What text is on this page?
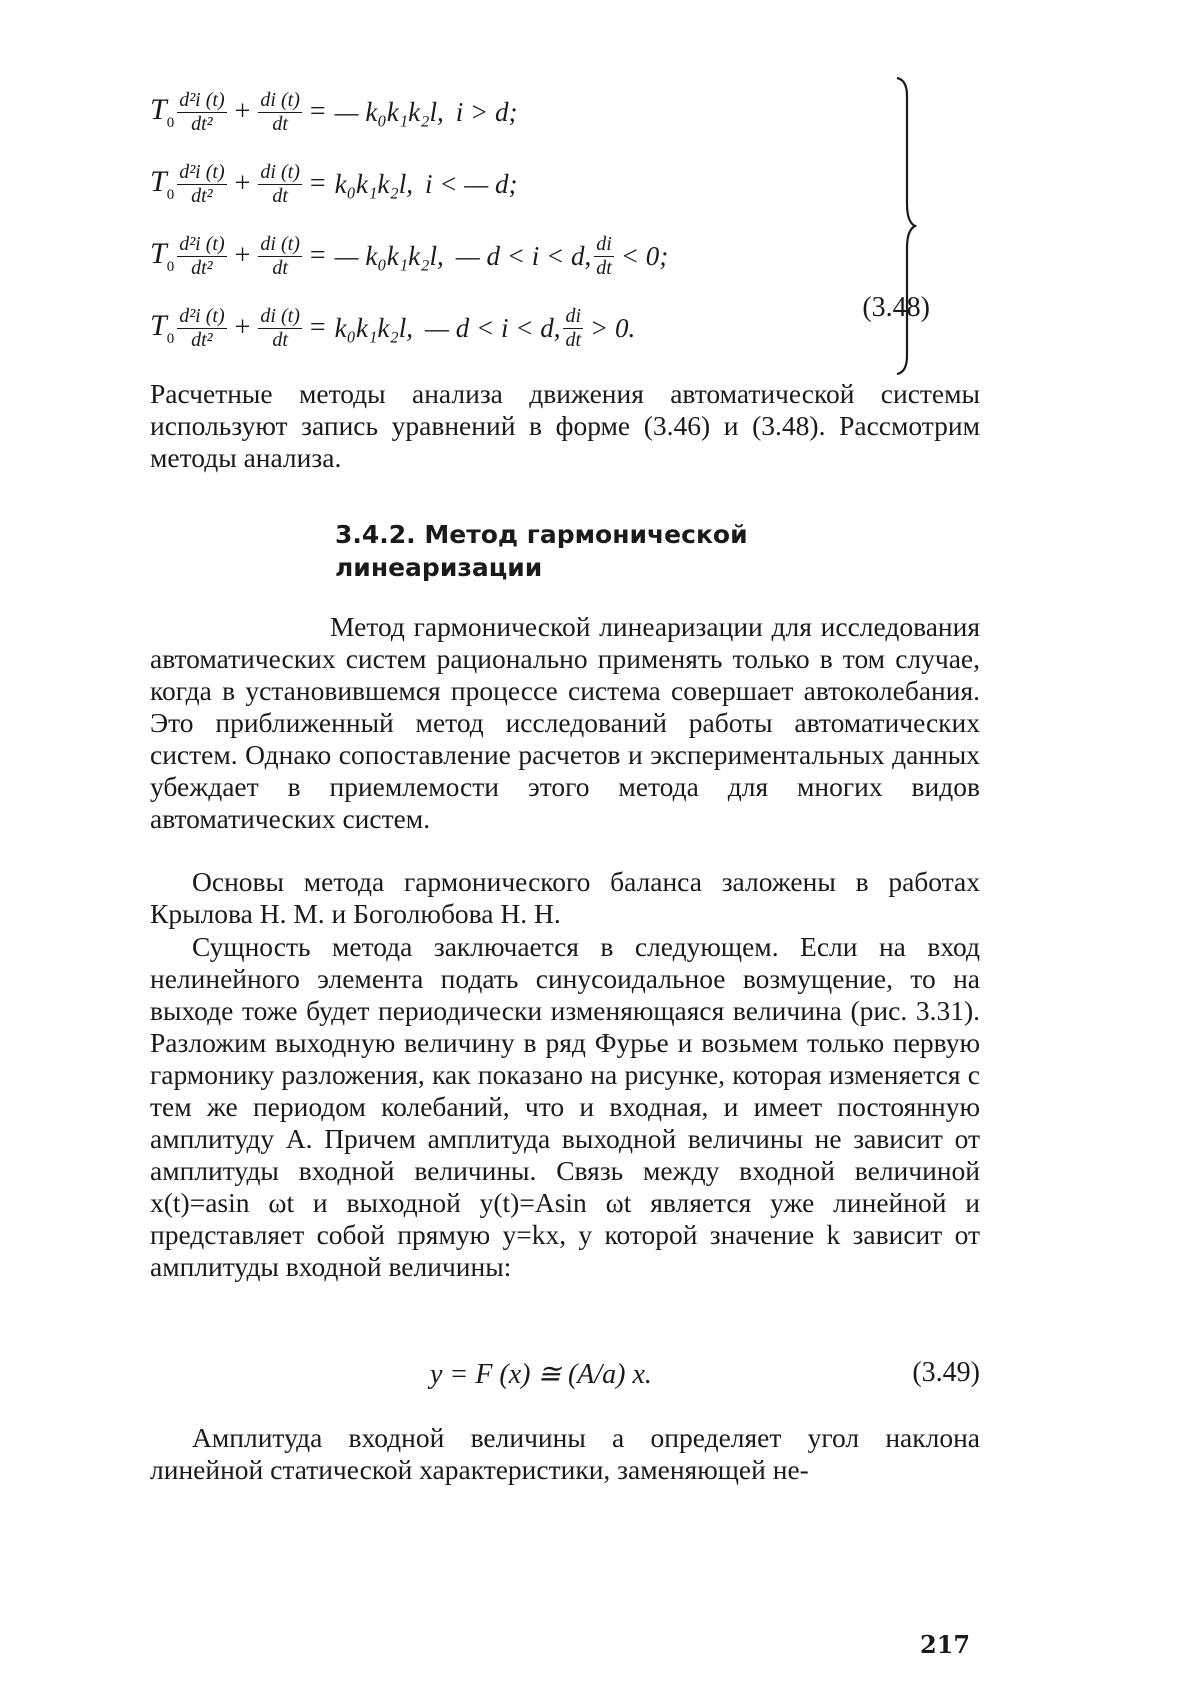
$T_0 \frac{\text{d²i (t)}}{\text{dt²}} + \frac{di (t)}{dt}$ = — k₀k₁k₂l, i > d;
$T_0 \frac{\text{d²i (t)}}{\text{dt²}} + \frac{di (t)}{dt} = k_0k_1k_2l$, i < — d;
$T_0 \frac{\text{d²i (t)}}{\text{dt²}} + \frac{di (t)}{dt}$ = — k₀k₁k₂l, — d < i < d, $\frac{di}{dt} < 0$;
$T_0 \frac{\text{d²i (t)}}{\text{dt²}} + \frac{di (t)}{dt} = k_0k_1k_2l$, — d < i < d, $\frac{di}{dt} > 0$.
(3.48)

Расчетные методы анализа движения автоматической системы используют запись уравнений в форме (3.46) и (3.48). Рассмотрим методы анализа.

3.4.2. Метод гармонической
линеаризации

Метод гармонической линеаризации для исследования автоматических систем рационально применять только в том случае, когда в установившемся процессе система совершает автоколебания. Это приближенный метод исследований работы автоматических систем. Однако сопоставление расчетов и экспериментальных данных убеждает в приемлемости этого метода для многих видов автоматических систем.

Основы метода гармонического баланса заложены в работах Крылова Н. М. и Боголюбова Н. Н.

Сущность метода заключается в следующем. Если на вход нелинейного элемента подать синусоидальное возмущение, то на выходе тоже будет периодически изменяющаяся величина (рис. 3.31). Разложим выходную величину в ряд Фурье и возьмем только первую гармонику разложения, как показано на рисунке, которая изменяется с тем же периодом колебаний, что и входная, и имеет постоянную амплитуду A. Причем амплитуда выходной величины не зависит от амплитуды входной величины. Связь между входной величиной x(t)=asin ωt и выходной y(t)=Asin ωt является уже линейной и представляет собой прямую y=kx, у которой значение k зависит от амплитуды входной величины:

y = F (x) ≅ (A/a) x.	(3.49)

Амплитуда входной величины a определяет угол наклона линейной статической характеристики, заменяющей не-

217
